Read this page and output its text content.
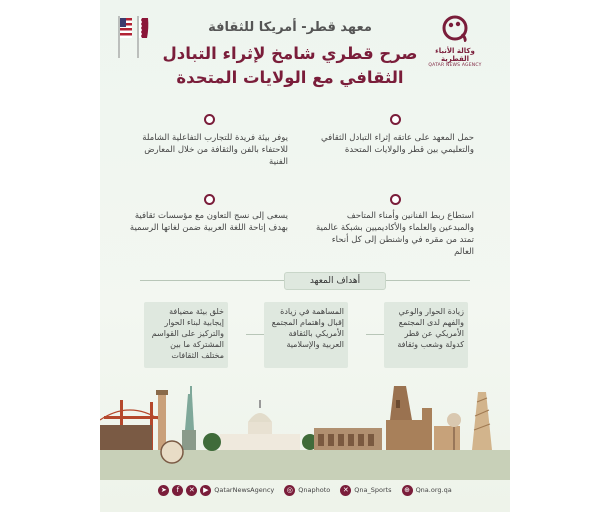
وكالة الأنباء القطرية
QATAR NEWS AGENCY
معهد قطر- أمريكا للثقافة
صرح قطري شامخ لإثراء التبادل
الثقافي مع الولايات المتحدة
حمل المعهد على عاتقه إثراء التبادل الثقافي والتعليمي بين قطر والولايات المتحدة
يوفر بيئة فريدة للتجارب التفاعلية الشاملة للاحتفاء بالفن والثقافة من خلال المعارض الفنية
استطاع ربط الفنانين وأمناء المتاحف والمبدعين والعلماء والأكاديميين بشبكة عالمية تمتد من مقره في واشنطن إلى كل أنحاء العالم
يسعى إلى نسج التعاون مع مؤسسات ثقافية بهدف إتاحة اللغة العربية ضمن لغاتها الرسمية
أهداف المعهد
زيادة الحوار والوعي والفهم لدى المجتمع الأمريكي عن قطر كدولة وشعب وثقافة
المساهمة في زيادة إقبال واهتمام المجتمع الأمريكي بالثقافة العربية والإسلامية
خلق بيئة مضيافة إيجابية لبناء الحوار والتركيز على القواسم المشتركة ما بين مختلف الثقافات
➤	f	✕	▶ QatarNewsAgency	◎ Qnaphoto	✕ Qna_Sports	⊕ Qna.org.qa
